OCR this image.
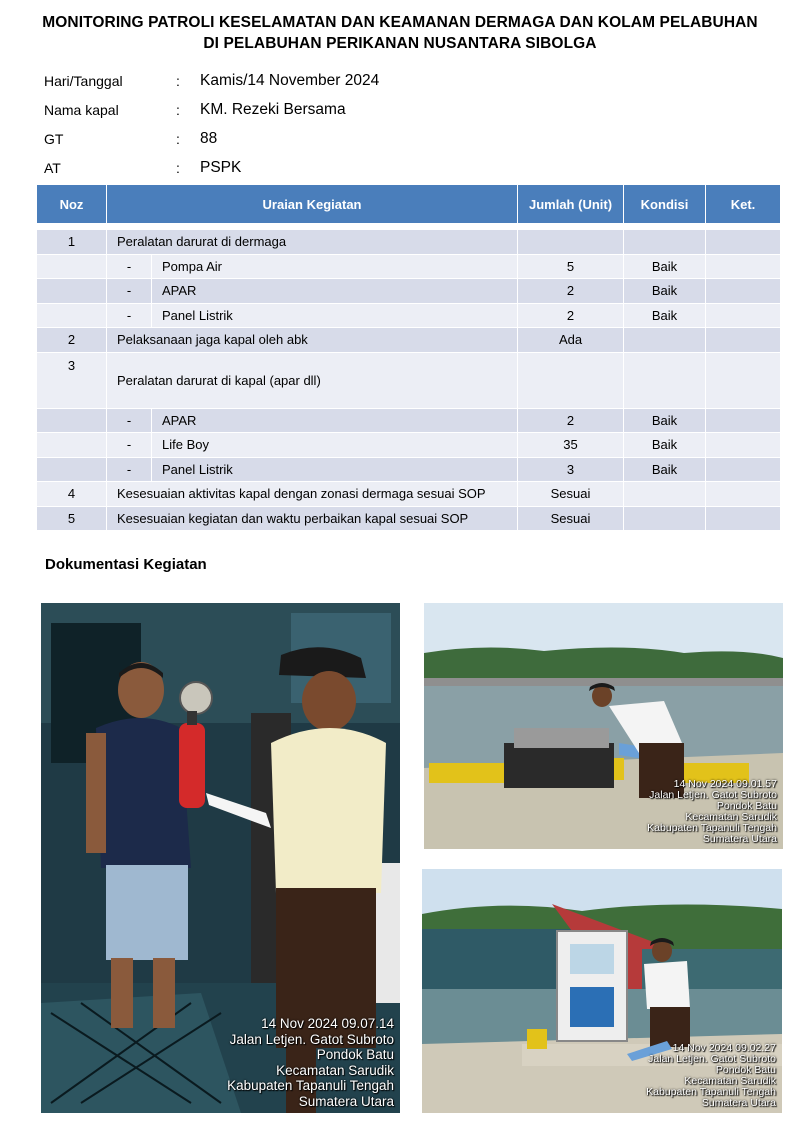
MONITORING PATROLI KESELAMATAN DAN KEAMANAN DERMAGA DAN KOLAM PELABUHAN
DI PELABUHAN PERIKANAN NUSANTARA SIBOLGA
Hari/Tanggal	:	Kamis/14 November 2024
Nama kapal	:	KM. Rezeki Bersama
GT	:	88
AT	:	PSPK
Noz	Uraian Kegiatan		Jumlah (Unit)	Kondisi	Ket.

1	Peralatan darurat di dermaga				
	-	Pompa Air	5	Baik	
	-	APAR	2	Baik	
	-	Panel Listrik	2	Baik	
2	Pelaksanaan jaga kapal oleh abk		Ada		
3	Peralatan darurat di kapal (apar dll)				
	-	APAR	2	Baik	
	-	Life Boy	35	Baik	
	-	Panel Listrik	3	Baik	
4	Kesesuaian aktivitas kapal dengan zonasi dermaga sesuai SOP		Sesuai		
5	Kesesuaian kegiatan dan waktu perbaikan kapal sesuai SOP		Sesuai		
Dokumentasi Kegiatan
14 Nov 2024 09.07.14
Jalan Letjen. Gatot Subroto
Pondok Batu
Kecamatan Sarudik
Kabupaten Tapanuli Tengah
Sumatera Utara
14 Nov 2024 09.01.57
Jalan Letjen. Gatot Subroto
Pondok Batu
Kecamatan Sarudik
Kabupaten Tapanuli Tengah
Sumatera Utara
14 Nov 2024 09.02.27
Jalan Letjen. Gatot Subroto
Pondok Batu
Kecamatan Sarudik
Kabupaten Tapanuli Tengah
Sumatera Utara
